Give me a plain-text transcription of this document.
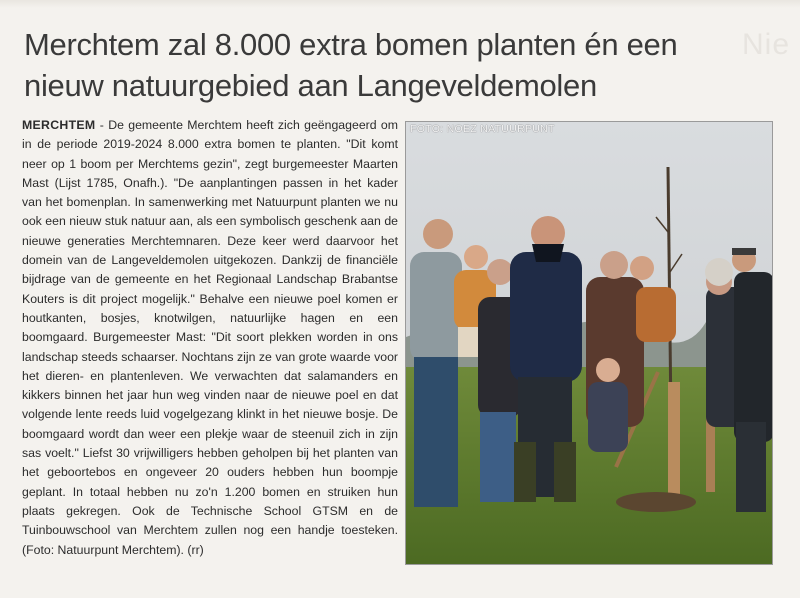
Nie
Merchtem zal 8.000 extra bomen planten én een
nieuw natuurgebied aan Langeveldemolen
MERCHTEM - De gemeente Merchtem heeft zich geëngageerd om in de periode 2019-2024 8.000 extra bomen te planten. "Dit komt neer op 1 boom per Merchtems gezin", zegt burgemeester Maarten Mast (Lijst 1785, Onafh.). "De aanplantingen passen in het kader van het bomenplan. In samenwerking met Natuurpunt planten we nu ook een nieuw stuk natuur aan, als een symbolisch geschenk aan de nieuwe generaties Merchtemnaren. Deze keer werd daarvoor het domein van de Langeveldemolen uitgekozen. Dankzij de financiële bijdrage van de gemeente en het Regionaal Landschap Brabantse Kouters is dit project mogelijk." Behalve een nieuwe poel komen er houtkanten, bosjes, knotwilgen, natuurlijke hagen en een boomgaard. Burgemeester Mast: "Dit soort plekken worden in ons landschap steeds schaarser. Nochtans zijn ze van grote waarde voor het dieren- en plantenleven. We verwachten dat salamanders en kikkers binnen het jaar hun weg vinden naar de nieuwe poel en dat volgende lente reeds luid vogelgezang klinkt in het nieuwe bosje. De boomgaard wordt dan weer een plekje waar de steenuil zich in zijn sas voelt." Liefst 30 vrijwilligers hebben geholpen bij het planten van het geboortebos en ongeveer 20 ouders hebben hun boompje geplant. In totaal hebben nu zo'n 1.200 bomen en struiken hun plaats gekregen. Ook de Technische School GTSM en de Tuinbouwschool van Merchtem zullen nog een handje toesteken. (Foto: Natuurpunt Merchtem). (rr)
FOTO: NOEZ NATUURPUNT
